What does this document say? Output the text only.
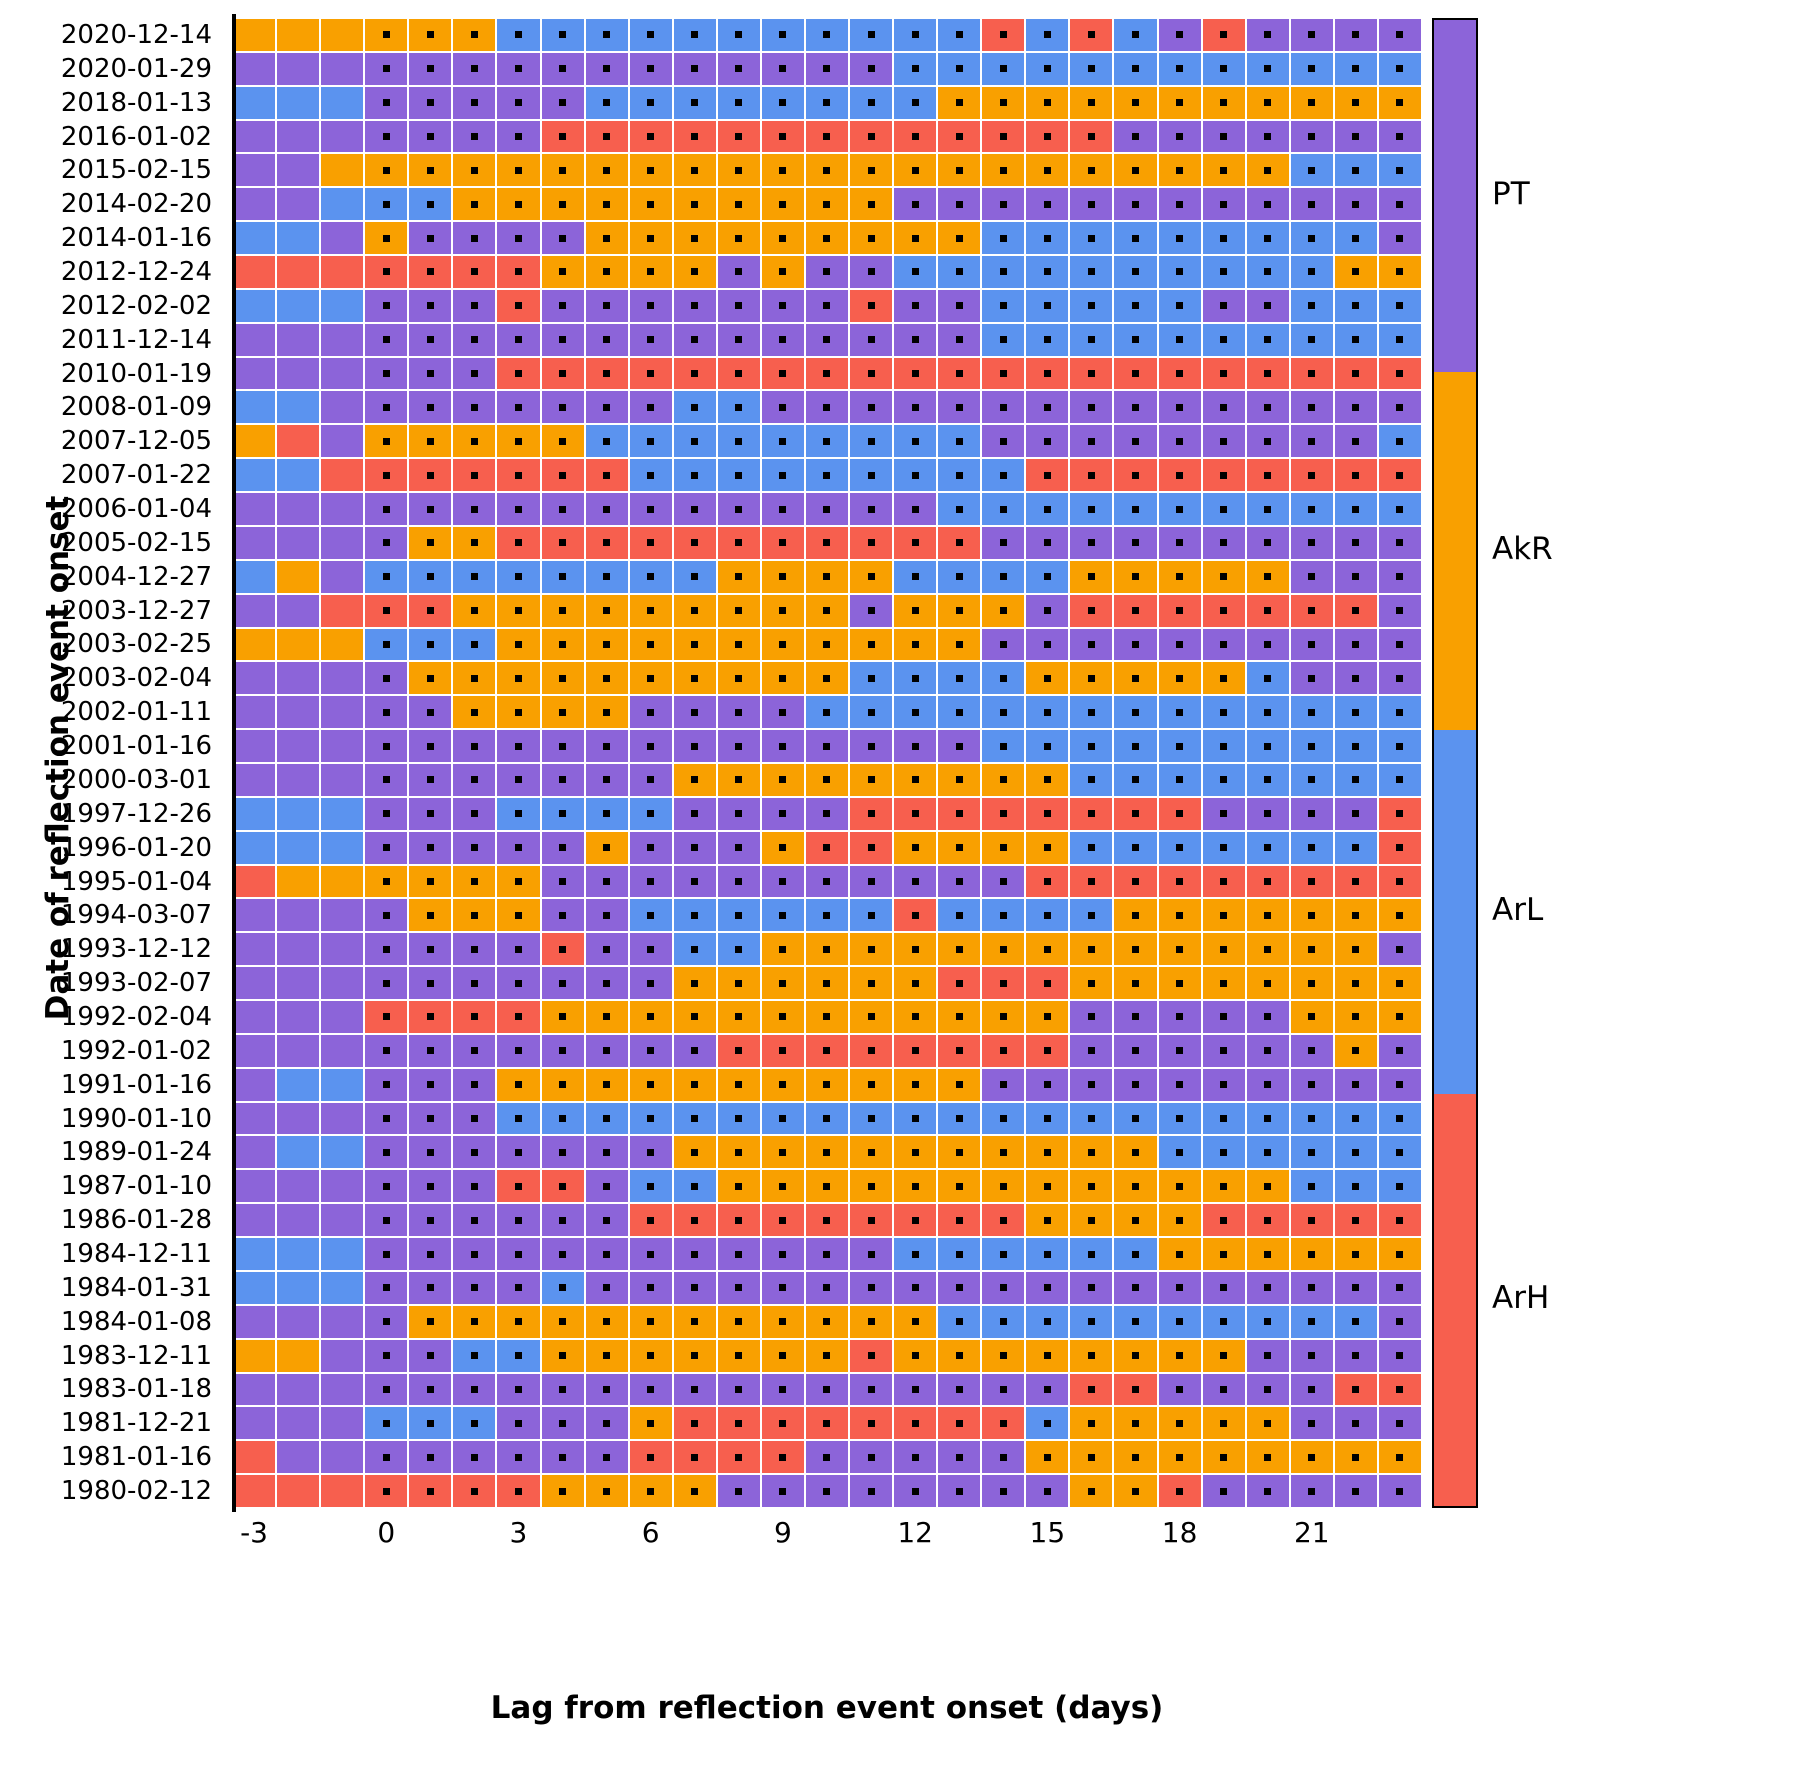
Date of reflection event onset
Lag from reflection event onset (days)
2020-12-14
2020-01-29
2018-01-13
2016-01-02
2015-02-15
2014-02-20
2014-01-16
2012-12-24
2012-02-02
2011-12-14
2010-01-19
2008-01-09
2007-12-05
2007-01-22
2006-01-04
2005-02-15
2004-12-27
2003-12-27
2003-02-25
2003-02-04
2002-01-11
2001-01-16
2000-03-01
1997-12-26
1996-01-20
1995-01-04
1994-03-07
1993-12-12
1993-02-07
1992-02-04
1992-01-02
1991-01-16
1990-01-10
1989-01-24
1987-01-10
1986-01-28
1984-12-11
1984-01-31
1984-01-08
1983-12-11
1983-01-18
1981-12-21
1981-01-16
1980-02-12
-3	0	3	6	9	12	15	18	21
PT
AkR
ArL
ArH
